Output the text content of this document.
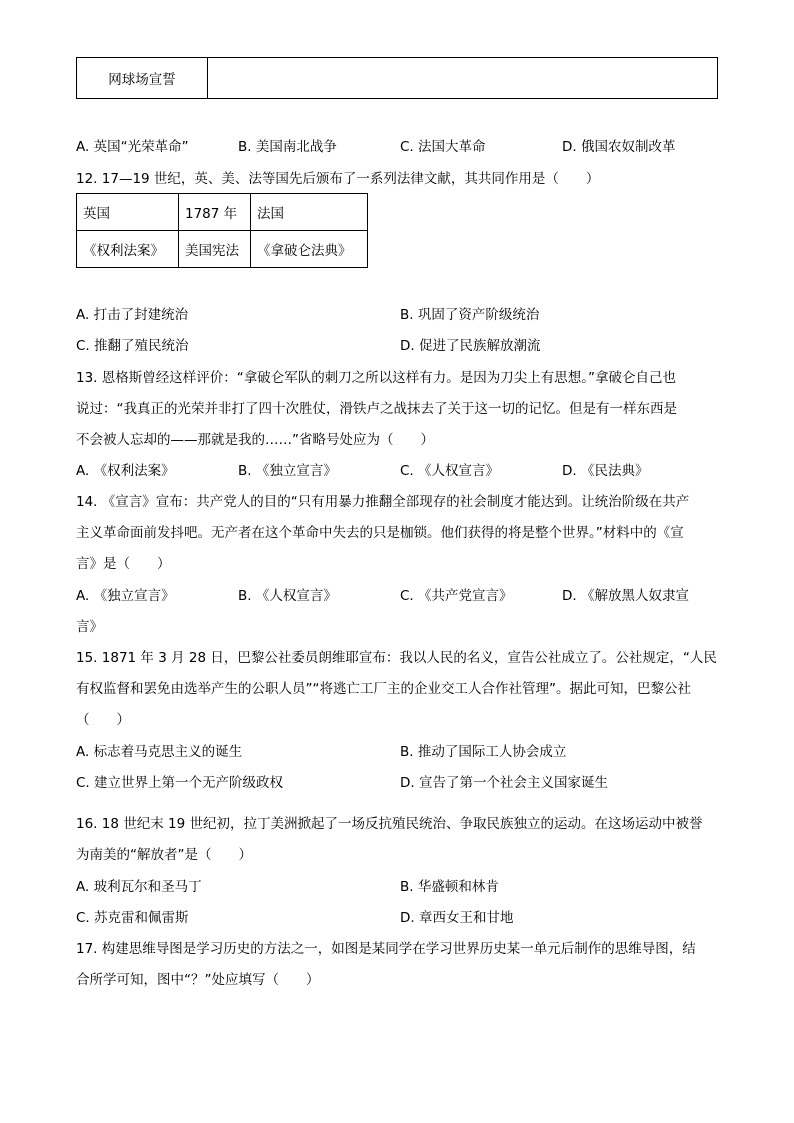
网球场宣誓	
A. 英国“光荣革命”	B. 美国南北战争	C. 法国大革命	D. 俄国农奴制改革
12. 17—19 世纪，英、美、法等国先后颁布了一系列法律文献，其共同作用是（　　）
英国	1787 年	法国
《权利法案》	美国宪法	《拿破仑法典》
A. 打击了封建统治	B. 巩固了资产阶级统治
C. 推翻了殖民统治	D. 促进了民族解放潮流
13. 恩格斯曾经这样评价：“拿破仑军队的刺刀之所以这样有力。是因为刀尖上有思想。”拿破仑自己也
说过：“我真正的光荣并非打了四十次胜仗，滑铁卢之战抹去了关于这一切的记忆。但是有一样东西是
不会被人忘却的——那就是我的……”省略号处应为（　　）
A. 《权利法案》	B. 《独立宣言》	C. 《人权宣言》	D. 《民法典》
14. 《宣言》宣布：共产党人的目的“只有用暴力推翻全部现存的社会制度才能达到。让统治阶级在共产
主义革命面前发抖吧。无产者在这个革命中失去的只是枷锁。他们获得的将是整个世界。”材料中的《宣
言》是（　　）
A. 《独立宣言》	B. 《人权宣言》	C. 《共产党宣言》	D. 《解放黑人奴隶宣
言》
15. 1871 年 3 月 28 日，巴黎公社委员朗维耶宣布：我以人民的名义，宣告公社成立了。公社规定，“人民
有权监督和罢免由选举产生的公职人员”“将逃亡工厂主的企业交工人合作社管理”。据此可知，巴黎公社
（　　）
A. 标志着马克思主义的诞生	B. 推动了国际工人协会成立
C. 建立世界上第一个无产阶级政权	D. 宣告了第一个社会主义国家诞生
16. 18 世纪末 19 世纪初，拉丁美洲掀起了一场反抗殖民统治、争取民族独立的运动。在这场运动中被誉
为南美的“解放者”是（　　）
A. 玻利瓦尔和圣马丁	B. 华盛顿和林肯
C. 苏克雷和佩雷斯	D. 章西女王和甘地
17. 构建思维导图是学习历史的方法之一，如图是某同学在学习世界历史某一单元后制作的思维导图，结
合所学可知，图中“？”处应填写（　　）
